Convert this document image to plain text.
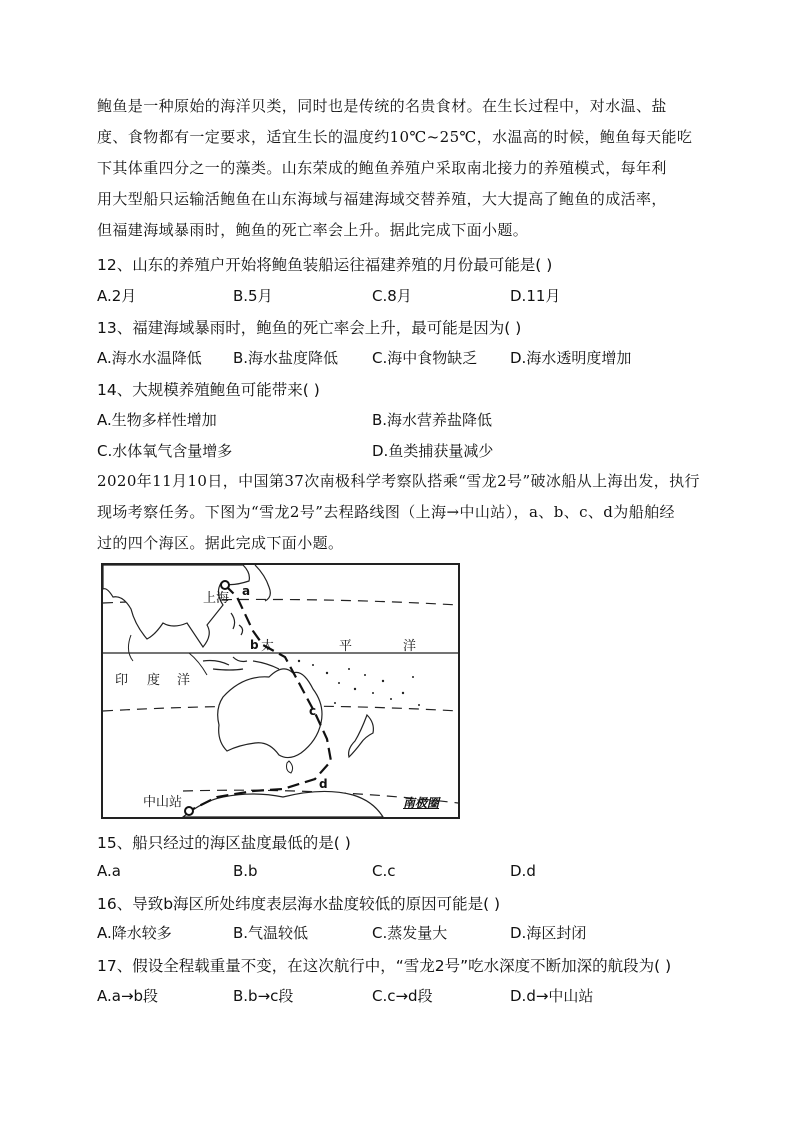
鲍鱼是一种原始的海洋贝类，同时也是传统的名贵食材。在生长过程中，对水温、盐
度、食物都有一定要求，适宜生长的温度约10℃~25℃，水温高的时候，鲍鱼每天能吃
下其体重四分之一的藻类。山东荣成的鲍鱼养殖户采取南北接力的养殖模式，每年利
用大型船只运输活鲍鱼在山东海域与福建海域交替养殖，大大提高了鲍鱼的成活率，
但福建海域暴雨时，鲍鱼的死亡率会上升。据此完成下面小题。
12、山东的养殖户开始将鲍鱼装船运往福建养殖的月份最可能是( )
A.2月	B.5月	C.8月	D.11月
13、福建海域暴雨时，鲍鱼的死亡率会上升，最可能是因为( )
A.海水水温降低 B.海水盐度降低 C.海中食物缺乏 D.海水透明度增加
14、大规模养殖鲍鱼可能带来( )
A.生物多样性增加	B.海水营养盐降低
C.水体氧气含量增多	D.鱼类捕获量减少
2020年11月10日，中国第37次南极科学考察队搭乘“雪龙2号”破冰船从上海出发，执行
现场考察任务。下图为“雪龙2号”去程路线图（上海→中山站），a、b、c、d为船舶经
过的四个海区。据此完成下面小题。
上海 a
b 太	平	洋
印 度 洋
c
d
中山站	南极圈
15、船只经过的海区盐度最低的是( )
A.a	B.b	C.c	D.d
16、导致b海区所处纬度表层海水盐度较低的原因可能是( )
A.降水较多	B.气温较低	C.蒸发量大	D.海区封闭
17、假设全程载重量不变，在这次航行中，“雪龙2号”吃水深度不断加深的航段为( )
A.a→b段	B.b→c段	C.c→d段	D.d→中山站
